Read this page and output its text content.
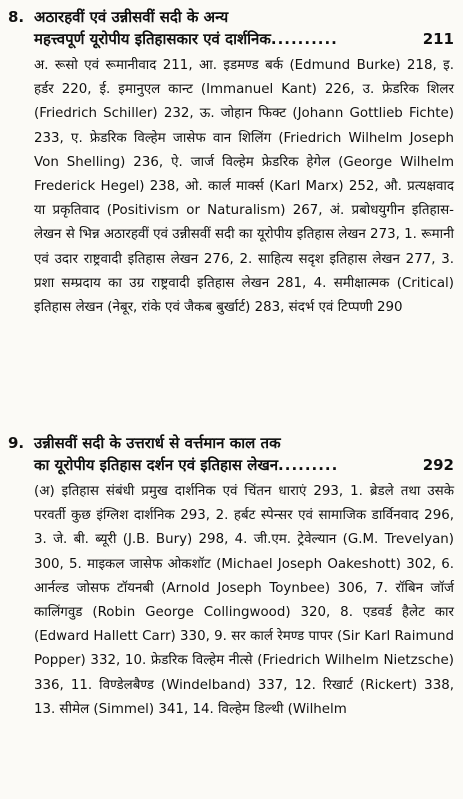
8. अठारहवीं एवं उन्नीसवीं सदी के अन्य
महत्त्वपूर्ण यूरोपीय इतिहासकार एवं दार्शनिक ..........	211
अ. रूसो एवं रूमानीवाद 211, आ. इडमण्ड बर्क (Edmund Burke) 218, इ. हर्डर 220, ई. इमानुएल कान्ट (Immanuel Kant) 226, उ. फ्रेडरिक शिलर (Friedrich Schiller) 232, ऊ. जोहान फिक्ट (Johann Gottlieb Fichte) 233, ए. फ्रेडरिक विल्हेम जासेफ वान शिलिंग (Friedrich Wilhelm Joseph Von Shelling) 236, ऐ. जार्ज विल्हेम फ्रेडरिक हेगेल (George Wilhelm Frederick Hegel) 238, ओ. कार्ल मार्क्स (Karl Marx) 252, औ. प्रत्यक्षवाद या प्रकृतिवाद (Positivism or Naturalism) 267, अं. प्रबोधयुगीन इतिहास-लेखन से भिन्न अठारहवीं एवं उन्नीसवीं सदी का यूरोपीय इतिहास लेखन 273, 1. रूमानी एवं उदार राष्ट्रवादी इतिहास लेखन 276, 2. साहित्य सदृश इतिहास लेखन 277, 3. प्रशा सम्प्रदाय का उग्र राष्ट्रवादी इतिहास लेखन 281, 4. समीक्षात्मक (Critical) इतिहास लेखन (नेबूर, रांके एवं जैकब बुर्खार्ट) 283, संदर्भ एवं टिप्पणी 290
9. उन्नीसवीं सदी के उत्तरार्ध से वर्त्तमान काल तक
का यूरोपीय इतिहास दर्शन एवं इतिहास लेखन .........	292
(अ) इतिहास संबंधी प्रमुख दार्शनिक एवं चिंतन धाराएं 293, 1. ब्रेडले तथा उसके परवर्ती कुछ इंग्लिश दार्शनिक 293, 2. हर्बट स्पेन्सर एवं सामाजिक डार्विनवाद 296, 3. जे. बी. ब्यूरी (J.B. Bury) 298, 4. जी.एम. ट्रेवेल्यान (G.M. Trevelyan) 300, 5. माइकल जासेफ ओकशॉट (Michael Joseph Oakeshott) 302, 6. आर्नल्ड जोसफ टॉयनबी (Arnold Joseph Toynbee) 306, 7. रॉबिन जॉर्ज कालिंगवुड (Robin George Collingwood) 320, 8. एडवर्ड हैलेट कार (Edward Hallett Carr) 330, 9. सर कार्ल रेमण्ड पापर (Sir Karl Raimund Popper) 332, 10. फ्रेडरिक विल्हेम नीत्से (Friedrich Wilhelm Nietzsche) 336, 11. विण्डेलबैण्ड (Windelband) 337, 12. रिखार्ट (Rickert) 338, 13. सीमेल (Simmel) 341, 14. विल्हेम डिल्थी (Wilhelm
